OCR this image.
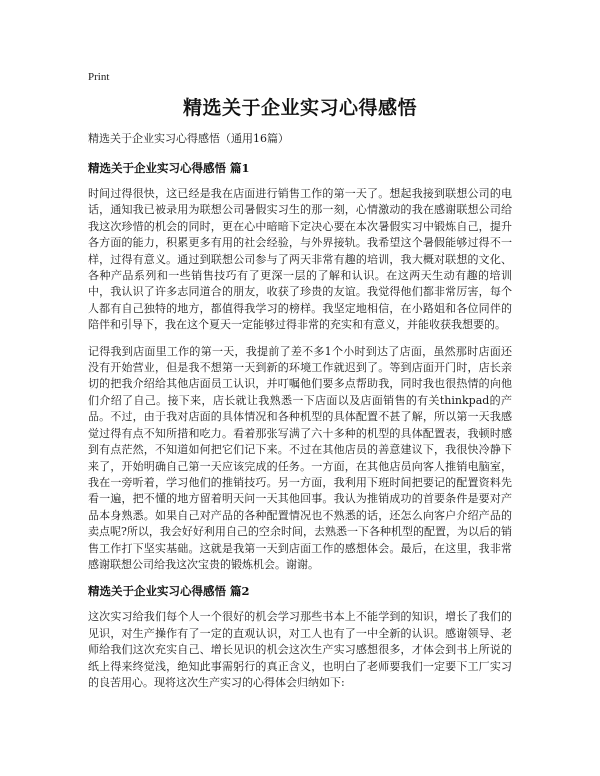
Print
精选关于企业实习心得感悟
精选关于企业实习心得感悟（通用16篇）
精选关于企业实习心得感悟 篇1

时间过得很快，这已经是我在店面进行销售工作的第一天了。想起我接到联想公司的电话，通知我已被录用为联想公司暑假实习生的那一刻，心情激动的我在感谢联想公司给我这次珍惜的机会的同时，更在心中暗暗下定决心要在本次暑假实习中锻炼自己，提升各方面的能力，积累更多有用的社会经验，与外界接轨。我希望这个暑假能够过得不一样，过得有意义。通过到联想公司参与了两天非常有趣的培训，我大概对联想的文化、各种产品系列和一些销售技巧有了更深一层的了解和认识。在这两天生动有趣的培训中，我认识了许多志同道合的朋友，收获了珍贵的友谊。我觉得他们都非常厉害，每个人都有自己独特的地方，都值得我学习的榜样。我坚定地相信，在小路姐和各位同伴的陪伴和引导下，我在这个夏天一定能够过得非常的充实和有意义，并能收获我想要的。

记得我到店面里工作的第一天，我提前了差不多1个小时到达了店面，虽然那时店面还没有开始营业，但是我不想第一天到新的环境工作就迟到了。等到店面开门时，店长亲切的把我介绍给其他店面员工认识，并叮嘱他们要多点帮助我，同时我也很热情的向他们介绍了自己。接下来，店长就让我熟悉一下店面以及店面销售的有关thinkpad的产品。不过，由于我对店面的具体情况和各种机型的具体配置不甚了解，所以第一天我感觉过得有点不知所措和吃力。看着那张写满了六十多种的机型的具体配置表，我顿时感到有点茫然，不知道如何把它们记下来。不过在其他店员的善意建议下，我很快冷静下来了，开始明确自己第一天应该完成的任务。一方面，在其他店员向客人推销电脑室，我在一旁听着，学习他们的推销技巧。另一方面，我利用下班时间把要记的配置资料先看一遍，把不懂的地方留着明天问一天其他回事。我认为推销成功的首要条件是要对产品本身熟悉。如果自己对产品的各种配置情况也不熟悉的话，还怎么向客户介绍产品的卖点呢?所以，我会好好利用自己的空余时间，去熟悉一下各种机型的配置，为以后的销售工作打下坚实基础。这就是我第一天到店面工作的感想体会。最后，在这里，我非常感谢联想公司给我这次宝贵的锻炼机会。谢谢。

精选关于企业实习心得感悟 篇2

这次实习给我们每个人一个很好的机会学习那些书本上不能学到的知识，增长了我们的见识，对生产操作有了一定的直观认识，对工人也有了一中全新的认识。感谢领导、老师给我们这次充实自己、增长见识的机会这次生产实习感想很多，才体会到书上所说的纸上得来终觉浅，绝知此事需躬行的真正含义，也明白了老师要我们一定要下工厂实习的良苦用心。现将这次生产实习的心得体会归纳如下:
